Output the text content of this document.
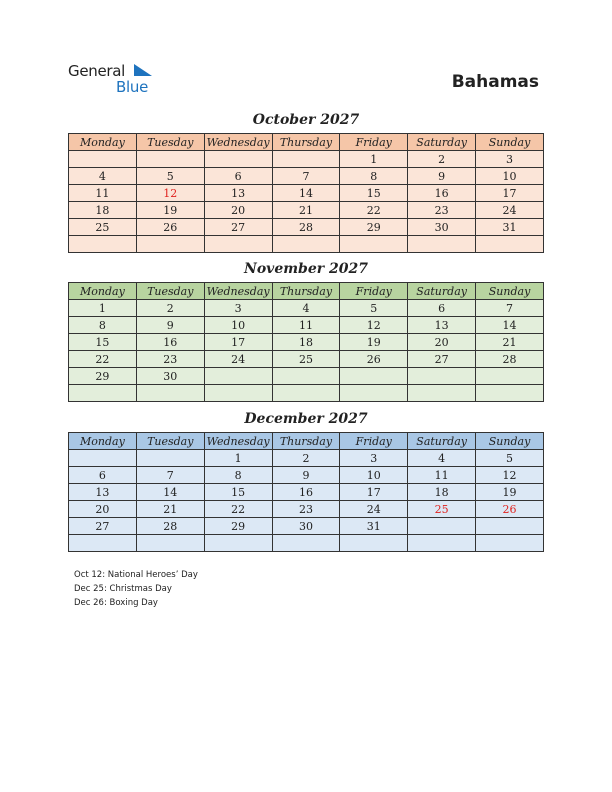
General
Blue	Bahamas
October 2027
Monday	Tuesday	Wednesday	Thursday	Friday	Saturday	Sunday
				1	2	3
4	5	6	7	8	9	10
11	12	13	14	15	16	17
18	19	20	21	22	23	24
25	26	27	28	29	30	31

November 2027
Monday	Tuesday	Wednesday	Thursday	Friday	Saturday	Sunday
1	2	3	4	5	6	7
8	9	10	11	12	13	14
15	16	17	18	19	20	21
22	23	24	25	26	27	28
29	30					

December 2027
Monday	Tuesday	Wednesday	Thursday	Friday	Saturday	Sunday
		1	2	3	4	5
6	7	8	9	10	11	12
13	14	15	16	17	18	19
20	21	22	23	24	25	26
27	28	29	30	31		

Oct 12: National Heroes’ Day
Dec 25: Christmas Day
Dec 26: Boxing Day
